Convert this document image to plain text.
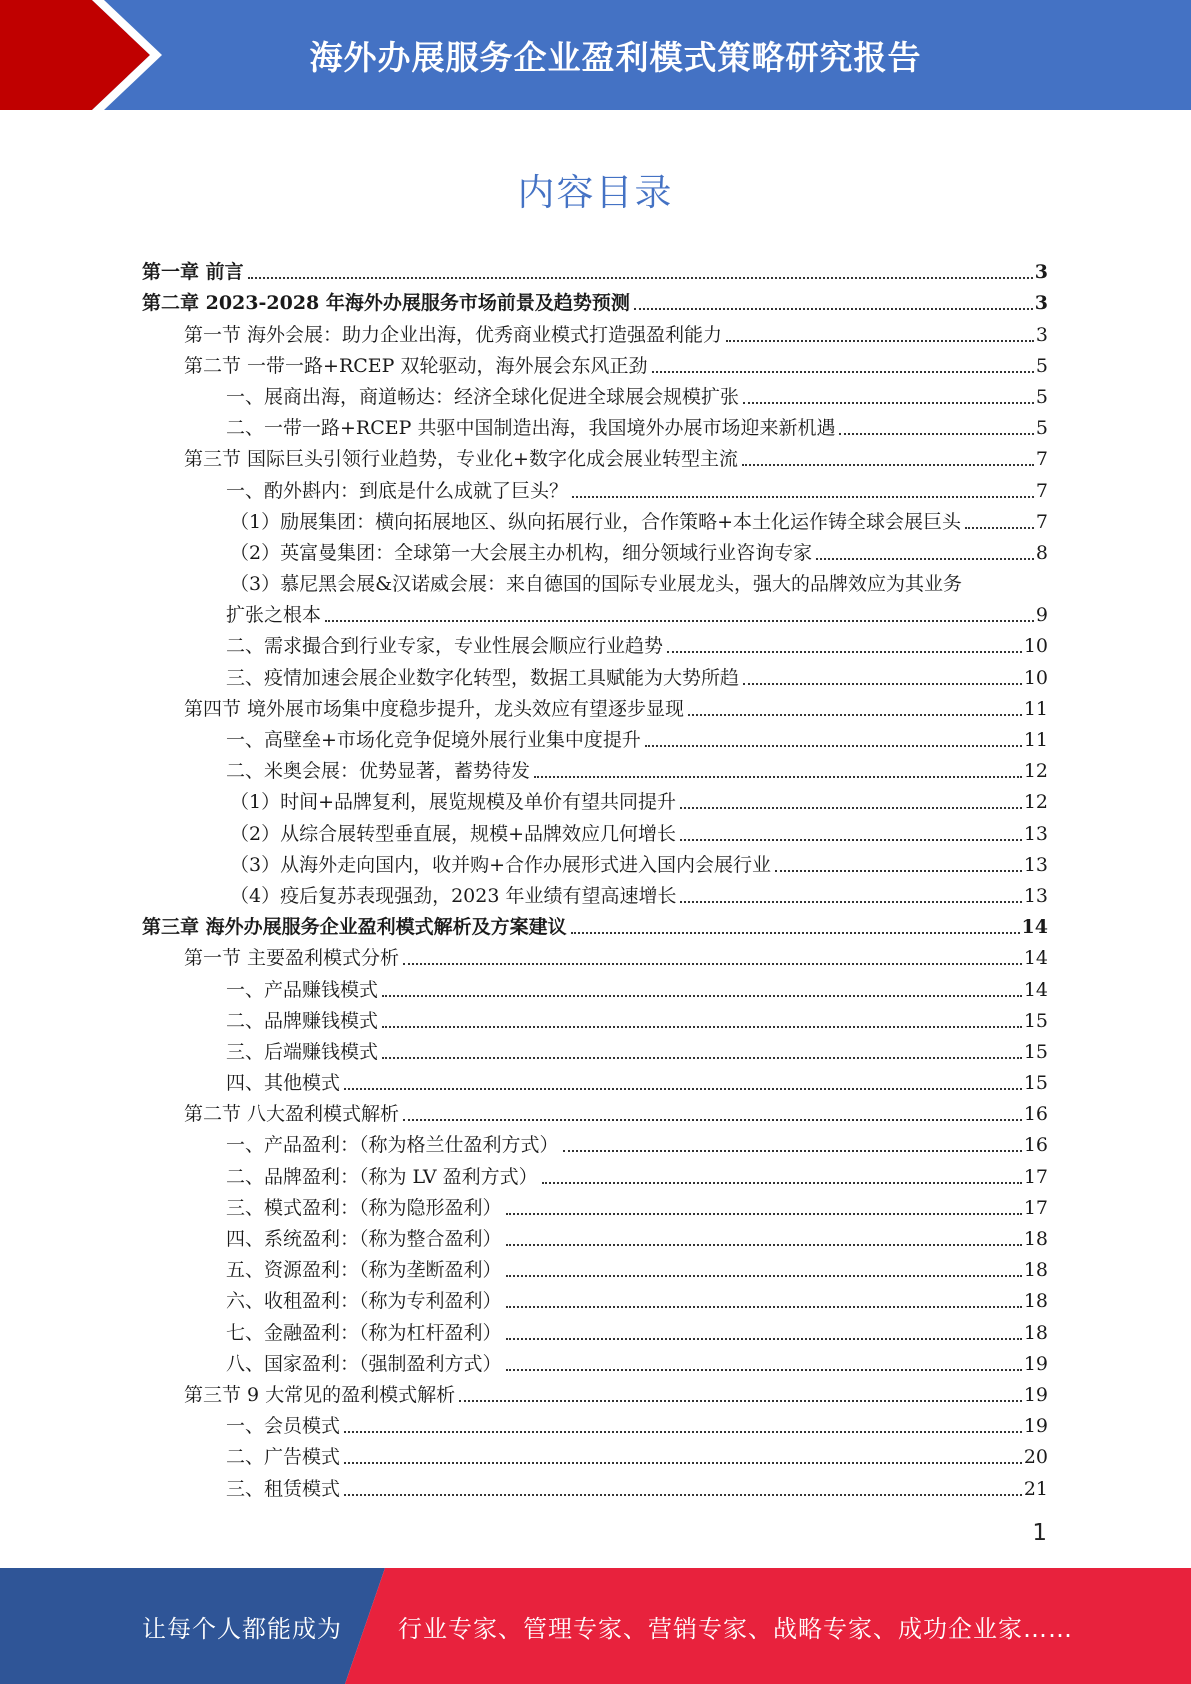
海外办展服务企业盈利模式策略研究报告
内容目录
第一章 前言	3
第二章 2023-2028 年海外办展服务市场前景及趋势预测	3
第一节 海外会展：助力企业出海，优秀商业模式打造强盈利能力	3
第二节 一带一路+RCEP 双轮驱动，海外展会东风正劲	5
一、展商出海，商道畅达：经济全球化促进全球展会规模扩张	5
二、一带一路+RCEP 共驱中国制造出海，我国境外办展市场迎来新机遇	5
第三节 国际巨头引领行业趋势，专业化+数字化成会展业转型主流	7
一、酌外斟内：到底是什么成就了巨头？	7
（1）励展集团：横向拓展地区、纵向拓展行业，合作策略+本土化运作铸全球会展巨头	7
（2）英富曼集团：全球第一大会展主办机构，细分领域行业咨询专家	8
（3）慕尼黑会展&汉诺威会展：来自德国的国际专业展龙头，强大的品牌效应为其业务
扩张之根本	9
二、需求撮合到行业专家，专业性展会顺应行业趋势	10
三、疫情加速会展企业数字化转型，数据工具赋能为大势所趋	10
第四节 境外展市场集中度稳步提升，龙头效应有望逐步显现	11
一、高壁垒+市场化竞争促境外展行业集中度提升	11
二、米奥会展：优势显著，蓄势待发	12
（1）时间+品牌复利，展览规模及单价有望共同提升	12
（2）从综合展转型垂直展，规模+品牌效应几何增长	13
（3）从海外走向国内，收并购+合作办展形式进入国内会展行业	13
（4）疫后复苏表现强劲，2023 年业绩有望高速增长	13
第三章 海外办展服务企业盈利模式解析及方案建议	14
第一节 主要盈利模式分析	14
一、产品赚钱模式	14
二、品牌赚钱模式	15
三、后端赚钱模式	15
四、其他模式	15
第二节 八大盈利模式解析	16
一、产品盈利：（称为格兰仕盈利方式）	16
二、品牌盈利：（称为 LV 盈利方式）	17
三、模式盈利：（称为隐形盈利）	17
四、系统盈利：（称为整合盈利）	18
五、资源盈利：（称为垄断盈利）	18
六、收租盈利：（称为专利盈利）	18
七、金融盈利：（称为杠杆盈利）	18
八、国家盈利：（强制盈利方式）	19
第三节 9 大常见的盈利模式解析	19
一、会员模式	19
二、广告模式	20
三、租赁模式	21
1
让每个人都能成为 行业专家、管理专家、营销专家、战略专家、成功企业家……
